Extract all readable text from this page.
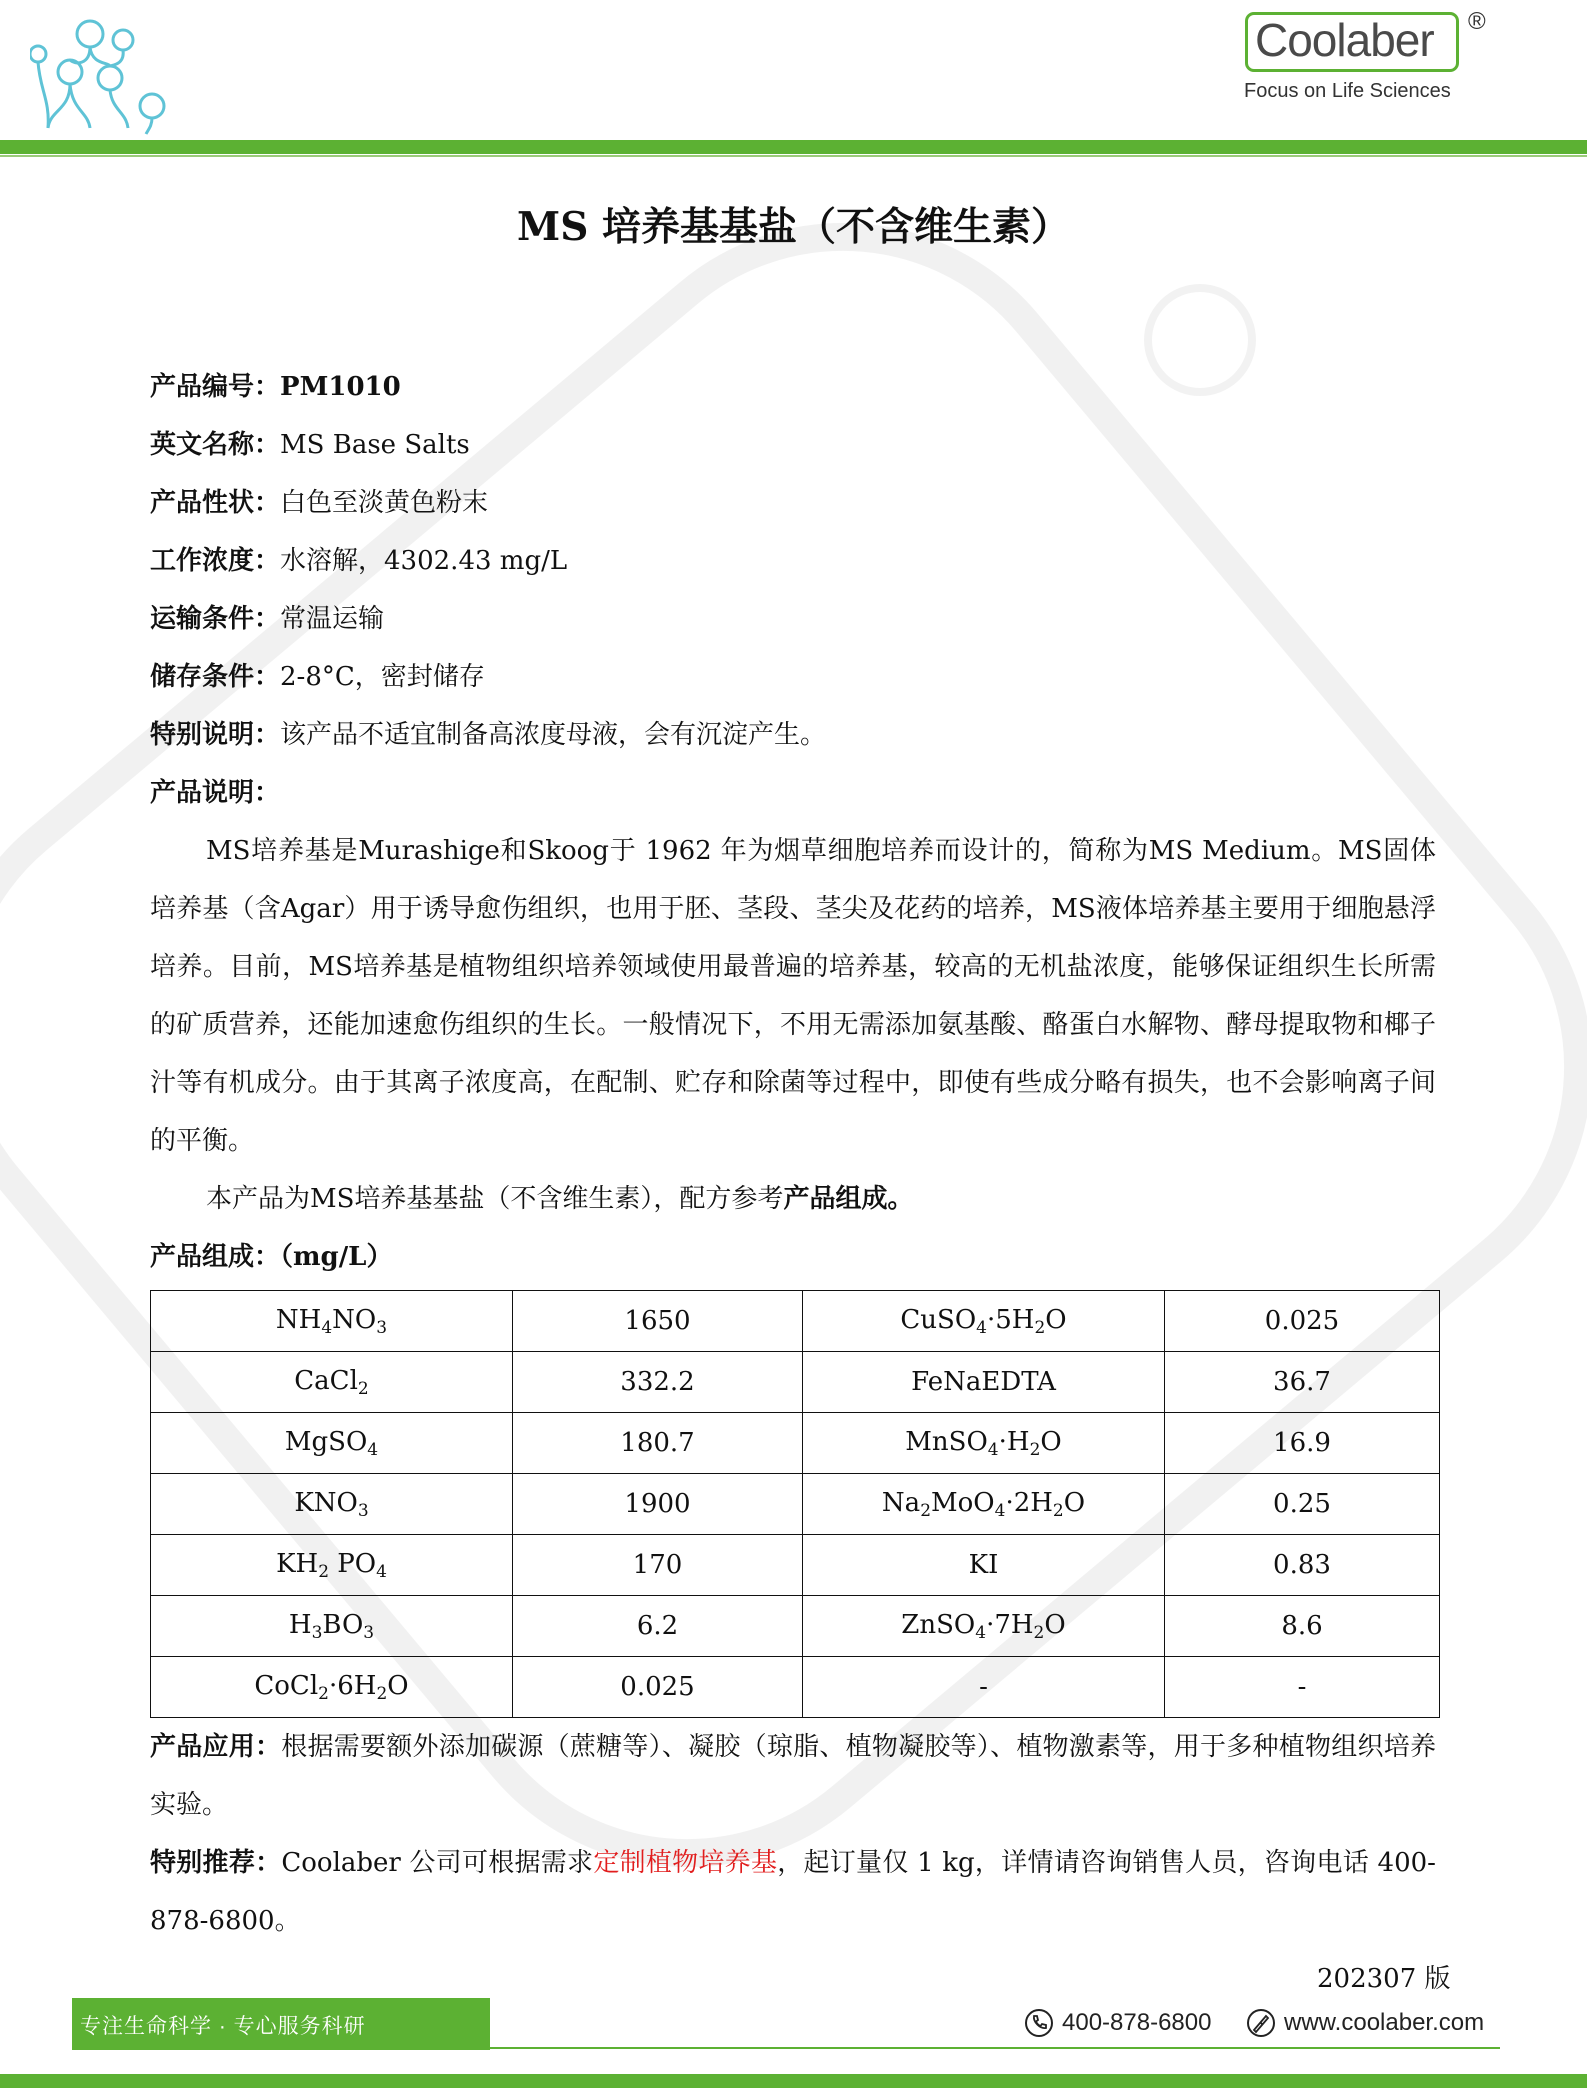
Coolaber ®
Focus on Life Sciences
MS 培养基基盐（不含维生素）
产品编号：PM1010
英文名称：MS Base Salts
产品性状：白色至淡黄色粉末
工作浓度：水溶解，4302.43 mg/L
运输条件：常温运输
储存条件：2-8°C，密封储存
特别说明：该产品不适宜制备高浓度母液，会有沉淀产生。
产品说明：

MS培养基是Murashige和Skoog于 1962 年为烟草细胞培养而设计的，简称为MS Medium。MS固体培养基（含Agar）用于诱导愈伤组织，也用于胚、茎段、茎尖及花药的培养，MS液体培养基主要用于细胞悬浮培养。目前，MS培养基是植物组织培养领域使用最普遍的培养基，较高的无机盐浓度，能够保证组织生长所需的矿质营养，还能加速愈伤组织的生长。一般情况下，不用无需添加氨基酸、酪蛋白水解物、酵母提取物和椰子汁等有机成分。由于其离子浓度高，在配制、贮存和除菌等过程中，即使有些成分略有损失，也不会影响离子间的平衡。

本产品为MS培养基基盐（不含维生素），配方参考产品组成。

产品组成：（mg/L）
$NH_4NO_3$	1650	$CuSO_4\cdot 5H_2O$	0.025
CaCl$_2$	332.2	FeNaEDTA	36.7
MgSO$_4$	180.7	$MnSO_4\cdot H_2O$	16.9
$KNO_3$	1900	$Na_2MoO_4\cdot 2H_2O$	0.25
$KH_2$ $PO_4$	170	KI	0.83
$H_3BO_3$	6.2	$ZnSO_4\cdot 7H_2O$	8.6
$CoCl_2\cdot 6H_2O$	0.025	-	-

产品应用：根据需要额外添加碳源（蔗糖等）、凝胶（琼脂、植物凝胶等）、植物激素等，用于多种植物组织培养实验。

特别推荐：Coolaber 公司可根据需求定制植物培养基，起订量仅 1 kg，详情请咨询销售人员，咨询电话 400-878-6800。

202307 版
专注生命科学 · 专心服务科研	400-878-6800	www.coolaber.com
